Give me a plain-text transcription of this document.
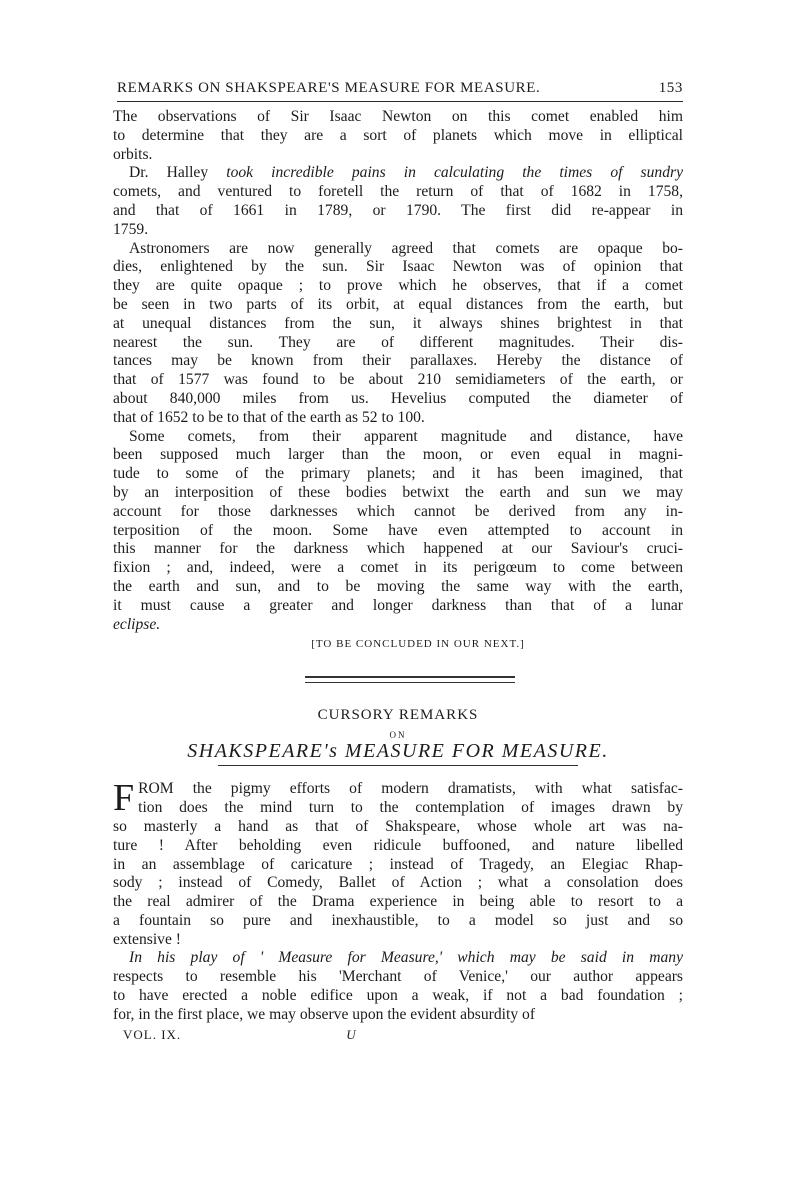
REMARKS ON SHAKSPEARE'S MEASURE FOR MEASURE.	153
The observations of Sir Isaac Newton on this comet enabled him
to determine that they are a sort of planets which move in elliptical
orbits.
Dr. Halley took incredible pains in calculating the times of sundry
comets, and ventured to foretell the return of that of 1682 in 1758,
and that of 1661 in 1789, or 1790. The first did re-appear in
1759.
Astronomers are now generally agreed that comets are opaque bo-
dies, enlightened by the sun. Sir Isaac Newton was of opinion that
they are quite opaque ; to prove which he observes, that if a comet
be seen in two parts of its orbit, at equal distances from the earth, but
at unequal distances from the sun, it always shines brightest in that
nearest the sun. They are of different magnitudes. Their dis-
tances may be known from their parallaxes. Hereby the distance of
that of 1577 was found to be about 210 semidiameters of the earth, or
about 840,000 miles from us. Hevelius computed the diameter of
that of 1652 to be to that of the earth as 52 to 100.
Some comets, from their apparent magnitude and distance, have
been supposed much larger than the moon, or even equal in magni-
tude to some of the primary planets; and it has been imagined, that
by an interposition of these bodies betwixt the earth and sun we may
account for those darknesses which cannot be derived from any in-
terposition of the moon. Some have even attempted to account in
this manner for the darkness which happened at our Saviour's cruci-
fixion ; and, indeed, were a comet in its perigœum to come between
the earth and sun, and to be moving the same way with the earth,
it must cause a greater and longer darkness than that of a lunar
eclipse.
[TO BE CONCLUDED IN OUR NEXT.]
CURSORY REMARKS
ON
SHAKSPEARE's MEASURE FOR MEASURE.
F ROM the pigmy efforts of modern dramatists, with what satisfac-
tion does the mind turn to the contemplation of images drawn by
so masterly a hand as that of Shakspeare, whose whole art was na-
ture ! After beholding even ridicule buffooned, and nature libelled
in an assemblage of caricature ; instead of Tragedy, an Elegiac Rhap-
sody ; instead of Comedy, Ballet of Action ; what a consolation does
the real admirer of the Drama experience in being able to resort to a
a fountain so pure and inexhaustible, to a model so just and so
extensive !
In his play of ' Measure for Measure,' which may be said in many
respects to resemble his 'Merchant of Venice,' our author appears
to have erected a noble edifice upon a weak, if not a bad foundation ;
for, in the first place, we may observe upon the evident absurdity of
VOL. IX.	U
